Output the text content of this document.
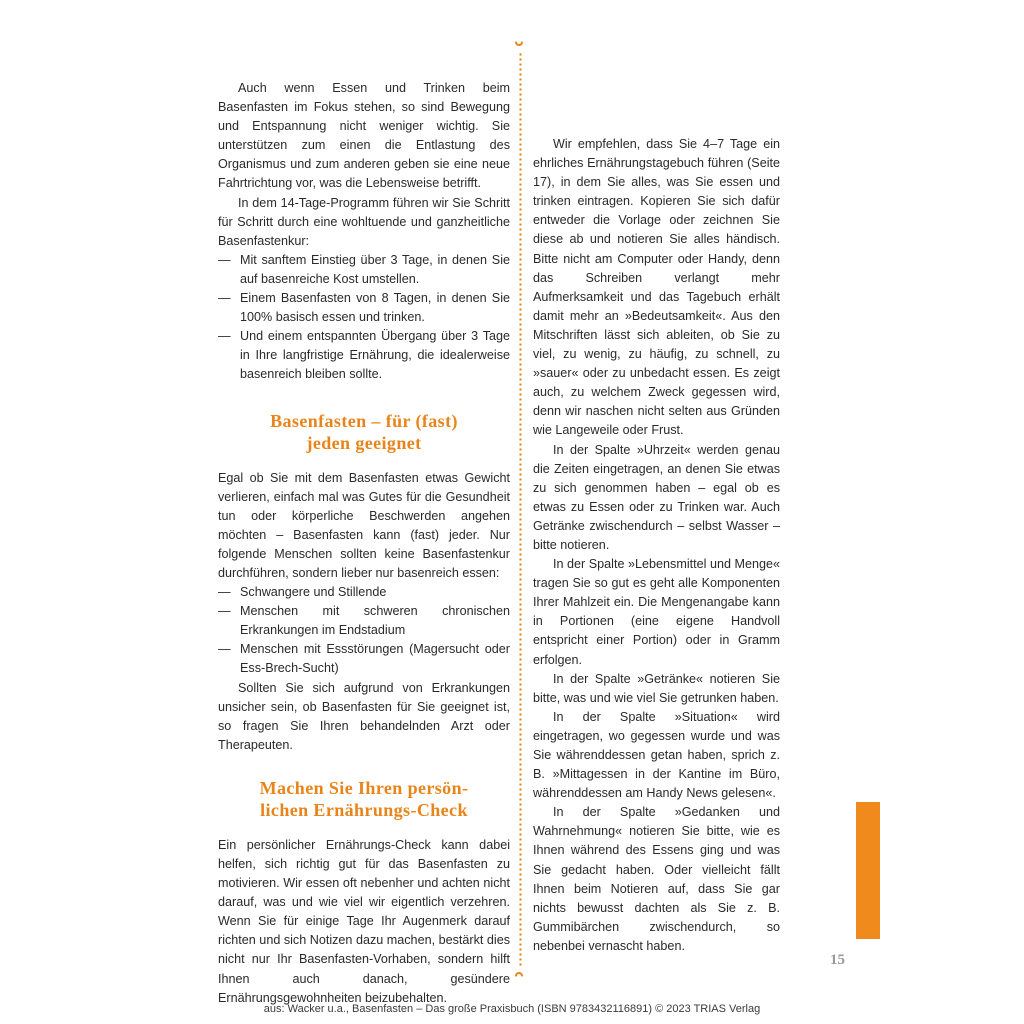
Auch wenn Essen und Trinken beim Basenfasten im Fokus stehen, so sind Bewegung und Entspannung nicht weniger wichtig. Sie unterstützen zum einen die Entlastung des Organismus und zum anderen geben sie eine neue Fahrtrichtung vor, was die Lebensweise betrifft.

In dem 14-Tage-Programm führen wir Sie Schritt für Schritt durch eine wohltuende und ganzheitliche Basenfastenkur:

— Mit sanftem Einstieg über 3 Tage, in denen Sie auf basenreiche Kost umstellen.
— Einem Basenfasten von 8 Tagen, in denen Sie 100% basisch essen und trinken.
— Und einem entspannten Übergang über 3 Tage in Ihre langfristige Ernährung, die idealerweise basenreich bleiben sollte.
Basenfasten – für (fast)
jeden geeignet

Egal ob Sie mit dem Basenfasten etwas Gewicht verlieren, einfach mal was Gutes für die Gesundheit tun oder körperliche Beschwerden angehen möchten – Basenfasten kann (fast) jeder. Nur folgende Menschen sollten keine Basenfastenkur durchführen, sondern lieber nur basenreich essen:

— Schwangere und Stillende
— Menschen mit schweren chronischen Erkrankungen im Endstadium
— Menschen mit Essstörungen (Magersucht oder Ess-Brech-Sucht)

Sollten Sie sich aufgrund von Erkrankungen unsicher sein, ob Basenfasten für Sie geeignet ist, so fragen Sie Ihren behandelnden Arzt oder Therapeuten.

Machen Sie Ihren persön-
lichen Ernährungs-Check

Ein persönlicher Ernährungs-Check kann dabei helfen, sich richtig gut für das Basenfasten zu motivieren. Wir essen oft nebenher und achten nicht darauf, was und wie viel wir eigentlich verzehren. Wenn Sie für einige Tage Ihr Augenmerk darauf richten und sich Notizen dazu machen, bestärkt dies nicht nur Ihr Basenfasten-Vorhaben, sondern hilft Ihnen auch danach, gesündere Ernährungsgewohnheiten beizubehalten.

Wir empfehlen, dass Sie 4–7 Tage ein ehrliches Ernährungstagebuch führen (Seite 17), in dem Sie alles, was Sie essen und trinken eintragen. Kopieren Sie sich dafür entweder die Vorlage oder zeichnen Sie diese ab und notieren Sie alles händisch. Bitte nicht am Computer oder Handy, denn das Schreiben verlangt mehr Aufmerksamkeit und das Tagebuch erhält damit mehr an »Bedeutsamkeit«. Aus den Mitschriften lässt sich ableiten, ob Sie zu viel, zu wenig, zu häufig, zu schnell, zu »sauer« oder zu unbedacht essen. Es zeigt auch, zu welchem Zweck gegessen wird, denn wir naschen nicht selten aus Gründen wie Langeweile oder Frust.

In der Spalte »Uhrzeit« werden genau die Zeiten eingetragen, an denen Sie etwas zu sich genommen haben – egal ob es etwas zu Essen oder zu Trinken war. Auch Getränke zwischendurch – selbst Wasser – bitte notieren.

In der Spalte »Lebensmittel und Menge« tragen Sie so gut es geht alle Komponenten Ihrer Mahlzeit ein. Die Mengenangabe kann in Portionen (eine eigene Handvoll entspricht einer Portion) oder in Gramm erfolgen.

In der Spalte »Getränke« notieren Sie bitte, was und wie viel Sie getrunken haben.

In der Spalte »Situation« wird eingetragen, wo gegessen wurde und was Sie währenddessen getan haben, sprich z. B. »Mittagessen in der Kantine im Büro, währenddessen am Handy News gelesen«.

In der Spalte »Gedanken und Wahrnehmung« notieren Sie bitte, wie es Ihnen während des Essens ging und was Sie gedacht haben. Oder vielleicht fällt Ihnen beim Notieren auf, dass Sie gar nichts bewusst dachten als Sie z. B. Gummibärchen zwischendurch, so nebenbei vernascht haben.

15
aus: Wacker u.a., Basenfasten – Das große Praxisbuch (ISBN 9783432116891) © 2023 TRIAS Verlag
